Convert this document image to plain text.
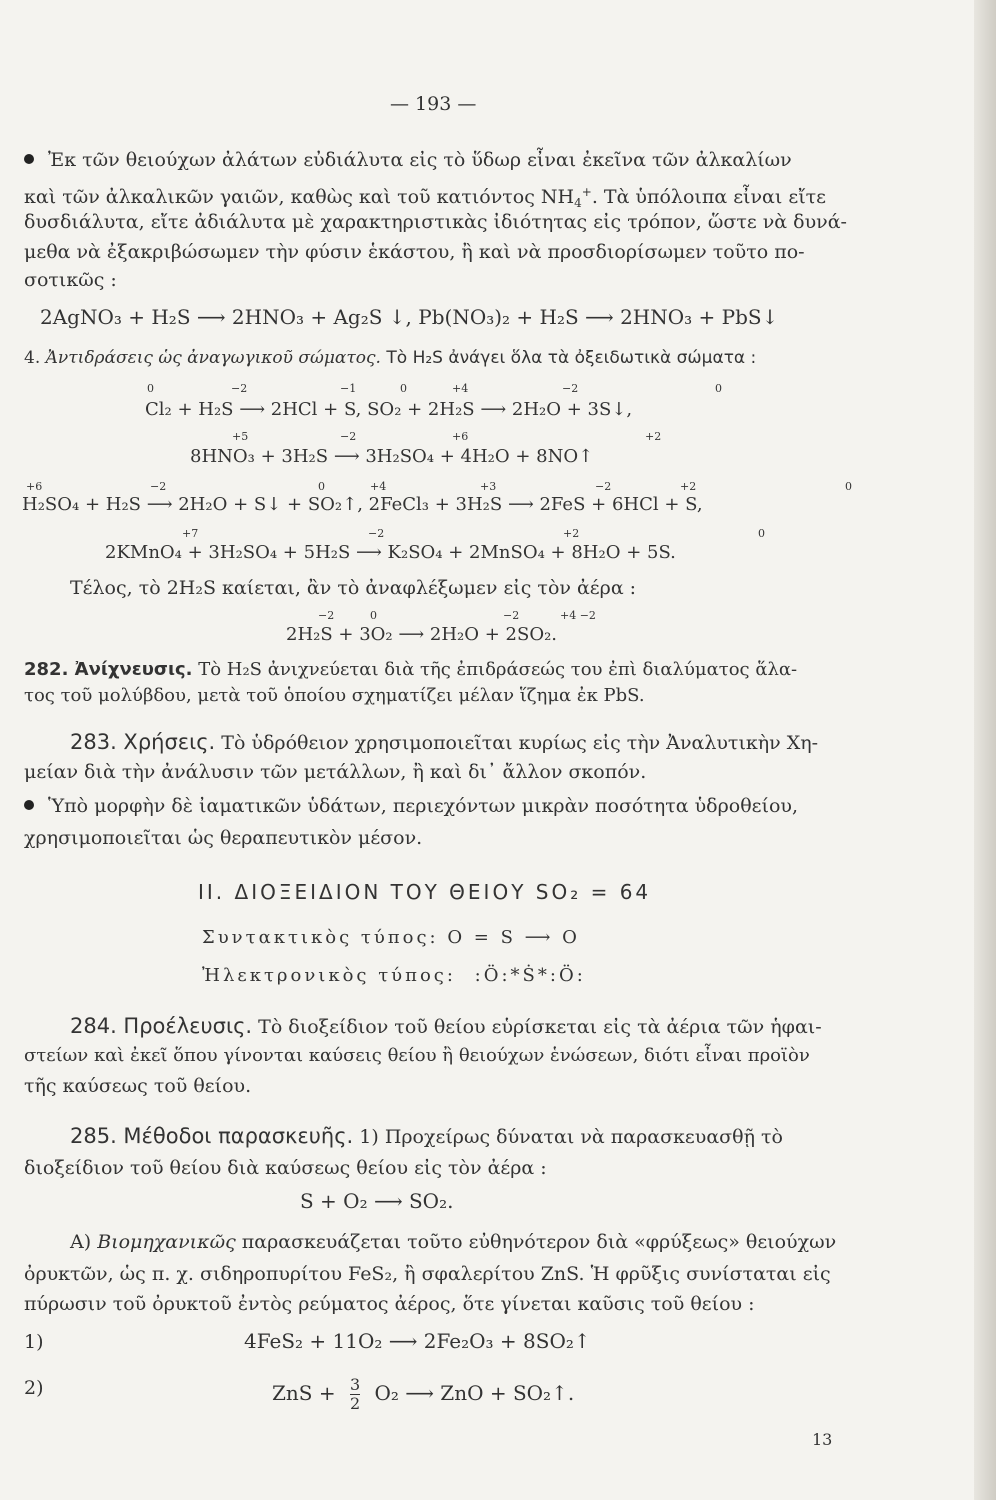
— 193 —
Ἐκ τῶν θειούχων ἀλάτων εὐδιάλυτα εἰς τὸ ὕδωρ εἶναι ἐκεῖνα τῶν ἀλκαλίων
καὶ τῶν ἀλκαλικῶν γαιῶν, καθὼς καὶ τοῦ κατιόντος $NH_4^+$. Τὰ ὑπόλοιπα εἶναι εἴτε
δυσδιάλυτα, εἴτε ἀδιάλυτα μὲ χαρακτηριστικὰς ἰδιότητας εἰς τρόπον, ὥστε νὰ δυνά-
μεθα νὰ ἐξακριβώσωμεν τὴν φύσιν ἑκάστου, ἢ καὶ νὰ προσδιορίσωμεν τοῦτο πο-
σοτικῶς :
2AgNO₃ + H₂S ⟶ 2HNO₃ + Ag₂S ↓, Pb(NO₃)₂ + H₂S ⟶ 2HNO₃ + PbS↓
4. Ἀντιδράσεις ὡς ἀναγωγικοῦ σώματος. Τὸ H₂S ἀνάγει ὅλα τὰ ὀξειδωτικὰ σώματα :
0	−2	−1	0	+4	−2	0
Cl₂ + H₂S ⟶ 2HCl + S, SO₂ + 2H₂S ⟶ 2H₂O + 3S↓,
+5	−2	+6	+2
8HNO₃ + 3H₂S ⟶ 3H₂SO₄ + 4H₂O + 8NO↑
+6	−2	0	+4	+3	−2	+2	0
H₂SO₄ + H₂S ⟶ 2H₂O + S↓ + SO₂↑, 2FeCl₃ + 3H₂S ⟶ 2FeS + 6HCl + S,
+7	−2	+2	0
2KMnO₄ + 3H₂SO₄ + 5H₂S ⟶ K₂SO₄ + 2MnSO₄ + 8H₂O + 5S.
Τέλος, τὸ 2H₂S καίεται, ἂν τὸ ἀναφλέξωμεν εἰς τὸν ἀέρα :
−2	0	−2	+4 −2
2H₂S + 3O₂ ⟶ 2H₂O + 2SO₂.
282. Ἀνίχνευσις. Τὸ H₂S ἀνιχνεύεται διὰ τῆς ἐπιδράσεώς του ἐπὶ διαλύματος ἅλα-
τος τοῦ μολύβδου, μετὰ τοῦ ὁποίου σχηματίζει μέλαν ἵζημα ἐκ PbS.
283. Χρήσεις. Τὸ ὑδρόθειον χρησιμοποιεῖται κυρίως εἰς τὴν Ἀναλυτικὴν Χη-
μείαν διὰ τὴν ἀνάλυσιν τῶν μετάλλων, ἢ καὶ δι᾽ ἄλλον σκοπόν.
Ὑπὸ μορφὴν δὲ ἰαματικῶν ὑδάτων, περιεχόντων μικρὰν ποσότητα ὑδροθείου,
χρησιμοποιεῖται ὡς θεραπευτικὸν μέσον.
ΙΙ. ΔΙΟΞΕΙΔΙΟΝ ΤΟΥ ΘΕΙΟΥ SO₂ = 64
Συντακτικὸς τύπος: O = S ⟶ O
Ἠλεκτρονικὸς τύπος: :Ö:*Ṡ*:Ö:
284. Προέλευσις. Τὸ διοξείδιον τοῦ θείου εὑρίσκεται εἰς τὰ ἀέρια τῶν ἡφαι-
στείων καὶ ἐκεῖ ὅπου γίνονται καύσεις θείου ἢ θειούχων ἑνώσεων, διότι εἶναι προϊὸν
τῆς καύσεως τοῦ θείου.
285. Μέθοδοι παρασκευῆς. 1) Προχείρως δύναται νὰ παρασκευασθῇ τὸ
διοξείδιον τοῦ θείου διὰ καύσεως θείου εἰς τὸν ἀέρα :
S + O₂ ⟶ SO₂.
Α) Βιομηχανικῶς παρασκευάζεται τοῦτο εὐθηνότερον διὰ «φρύξεως» θειούχων
ὀρυκτῶν, ὡς π. χ. σιδηροπυρίτου FeS₂, ἢ σφαλερίτου ZnS. Ἡ φρῦξις συνίσταται εἰς
πύρωσιν τοῦ ὀρυκτοῦ ἐντὸς ρεύματος ἀέρος, ὅτε γίνεται καῦσις τοῦ θείου :
1)	4FeS₂ + 11O₂ ⟶ 2Fe₂O₃ + 8SO₂↑
2)	ZnS + $\frac{3}{2} O_2$ ⟶ ZnO + SO₂↑.
13
